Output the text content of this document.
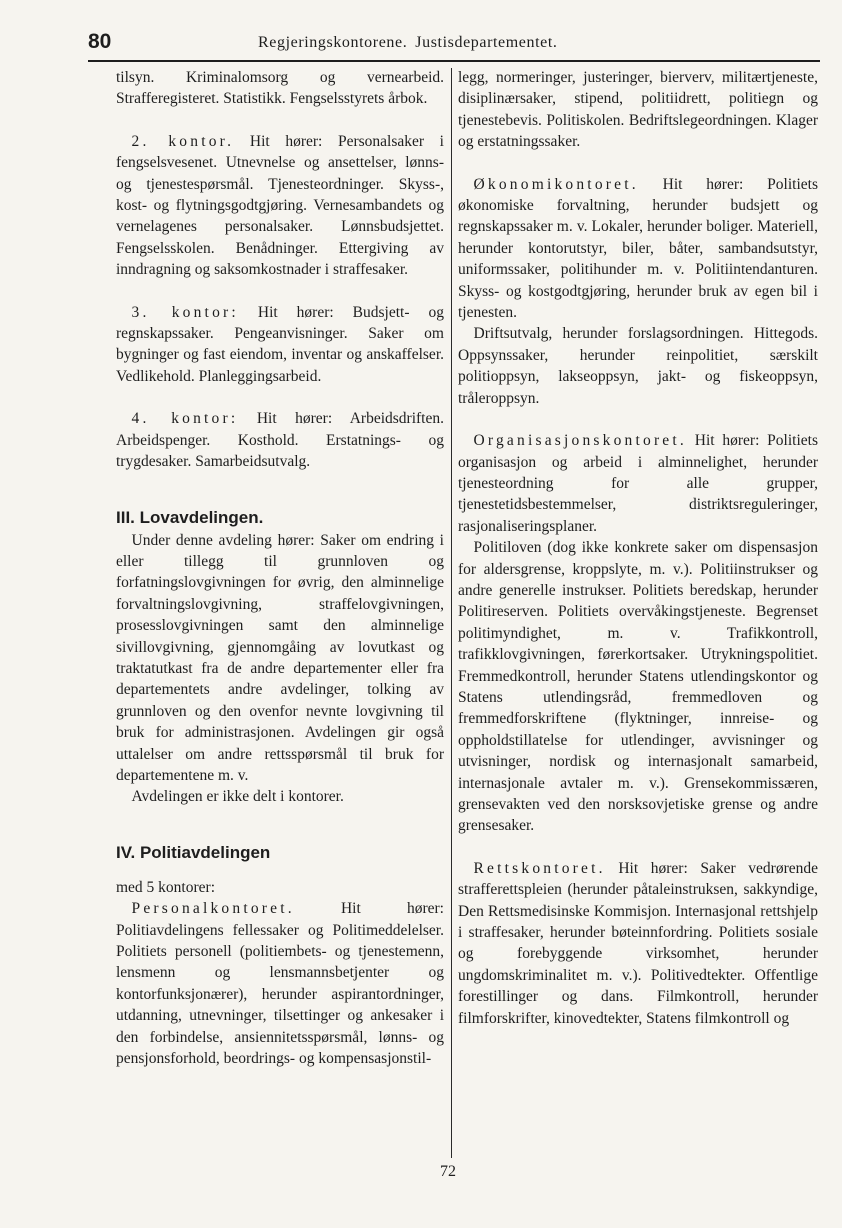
80	Regjeringskontorene. Justisdepartementet.

tilsyn. Kriminalomsorg og vernearbeid. Strafferegisteret. Statistikk. Fengselsstyrets årbok.

 2. kontor. Hit hører: Personalsaker i fengselsvesenet. Utnevnelse og ansettelser, lønns- og tjenestespørsmål. Tjenesteordninger. Skyss-, kost- og flytningsgodtgjøring. Vernesambandets og vernelagenes personalsaker. Lønnsbudsjettet. Fengselsskolen. Benådninger. Ettergiving av inndragning og saksomkostnader i straffesaker.

 3. kontor: Hit hører: Budsjett- og regnskapssaker. Pengeanvisninger. Saker om bygninger og fast eiendom, inventar og anskaffelser. Vedlikehold. Planleggingsarbeid.

 4. kontor: Hit hører: Arbeidsdriften. Arbeidspenger. Kosthold. Erstatnings- og trygdesaker. Samarbeidsutvalg.

III. Lovavdelingen.

 Under denne avdeling hører: Saker om endring i eller tillegg til grunnloven og forfatningslovgivningen for øvrig, den alminnelige forvaltningslovgivning, straffelovgivningen, prosesslovgivningen samt den alminnelige sivillovgivning, gjennomgåing av lovutkast og traktatutkast fra de andre departementer eller fra departementets andre avdelinger, tolking av grunnloven og den ovenfor nevnte lovgivning til bruk for administrasjonen. Avdelingen gir også uttalelser om andre rettsspørsmål til bruk for departementene m. v.

 Avdelingen er ikke delt i kontorer.

IV. Politiavdelingen

med 5 kontorer:

 Personalkontoret. Hit hører: Politiavdelingens fellessaker og Politimeddelelser. Politiets personell (politiembets- og tjenestemenn, lensmenn og lensmannsbetjenter og kontorfunksjonærer), herunder aspirantordninger, utdanning, utnevninger, tilsettinger og ankesaker i den forbindelse, ansiennitetsspørsmål, lønns- og pensjonsforhold, beordrings- og kompensasjonstil-

legg, normeringer, justeringer, bierverv, militærtjeneste, disiplinærsaker, stipend, politiidrett, politiegn og tjenestebevis. Politiskolen. Bedriftslegeordningen. Klager og erstatningssaker.

 Økonomikontoret. Hit hører: Politiets økonomiske forvaltning, herunder budsjett og regnskapssaker m. v. Lokaler, herunder boliger. Materiell, herunder kontorutstyr, biler, båter, sambandsutstyr, uniformssaker, politihunder m. v. Politiintendanturen. Skyss- og kostgodtgjøring, herunder bruk av egen bil i tjenesten.

 Driftsutvalg, herunder forslagsordningen. Hittegods. Oppsynssaker, herunder reinpolitiet, særskilt politioppsyn, lakseoppsyn, jakt- og fiskeoppsyn, tråleroppsyn.

 Organisasjonskontoret. Hit hører: Politiets organisasjon og arbeid i alminnelighet, herunder tjenesteordning for alle grupper, tjenestetidsbestemmelser, distriktsreguleringer, rasjonaliseringsplaner.

 Politiloven (dog ikke konkrete saker om dispensasjon for aldersgrense, kroppslyte, m. v.). Politiinstrukser og andre generelle instrukser. Politiets beredskap, herunder Politireserven. Politiets overvåkingstjeneste. Begrenset politimyndighet, m. v. Trafikkontroll, trafikklovgivningen, førerkortsaker. Utrykningspolitiet. Fremmedkontroll, herunder Statens utlendingskontor og Statens utlendingsråd, fremmedloven og fremmedforskriftene (flyktninger, innreise- og oppholdstillatelse for utlendinger, avvisninger og utvisninger, nordisk og internasjonalt samarbeid, internasjonale avtaler m. v.). Grensekommissæren, grensevakten ved den norsksovjetiske grense og andre grensesaker.

 Rettskontoret. Hit hører: Saker vedrørende strafferettspleien (herunder påtaleinstruksen, sakkyndige, Den Rettsmedisinske Kommisjon. Internasjonal rettshjelp i straffesaker, herunder bøteinnfordring. Politiets sosiale og forebyggende virksomhet, herunder ungdomskriminalitet m. v.). Politivedtekter. Offentlige forestillinger og dans. Filmkontroll, herunder filmforskrifter, kinovedtekter, Statens filmkontroll og

72
